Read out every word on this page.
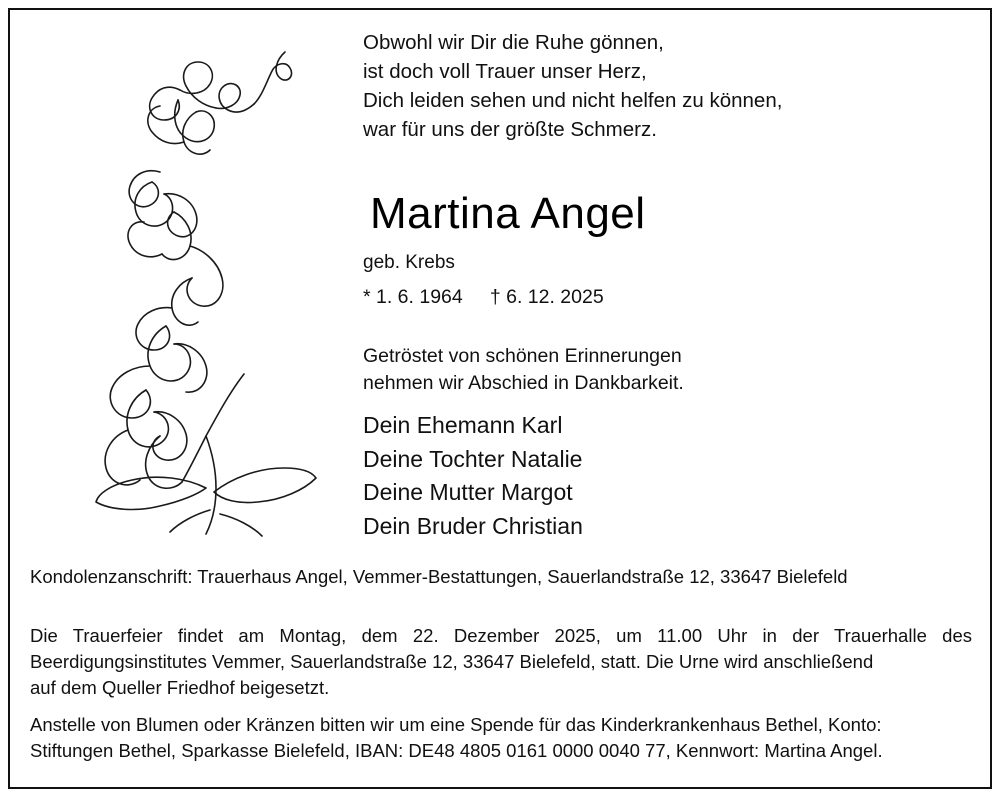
Obwohl wir Dir die Ruhe gönnen,
ist doch voll Trauer unser Herz,
Dich leiden sehen und nicht helfen zu können,
war für uns der größte Schmerz.
Martina Angel
geb. Krebs
* 1. 6. 1964     † 6. 12. 2025
Getröstet von schönen Erinnerungen
nehmen wir Abschied in Dankbarkeit.
Dein Ehemann Karl
Deine Tochter Natalie
Deine Mutter Margot
Dein Bruder Christian
Kondolenzanschrift: Trauerhaus Angel, Vemmer-Bestattungen, Sauerlandstraße 12, 33647 Bielefeld
Die Trauerfeier findet am Montag, dem 22. Dezember 2025, um 11.00 Uhr in der Trauerhalle des Beerdigungsinstitutes Vemmer, Sauerlandstraße 12, 33647 Bielefeld, statt. Die Urne wird anschließend
auf dem Queller Friedhof beigesetzt.
Anstelle von Blumen oder Kränzen bitten wir um eine Spende für das Kinderkrankenhaus Bethel, Konto:
Stiftungen Bethel, Sparkasse Bielefeld, IBAN: DE48 4805 0161 0000 0040 77, Kennwort: Martina Angel.
